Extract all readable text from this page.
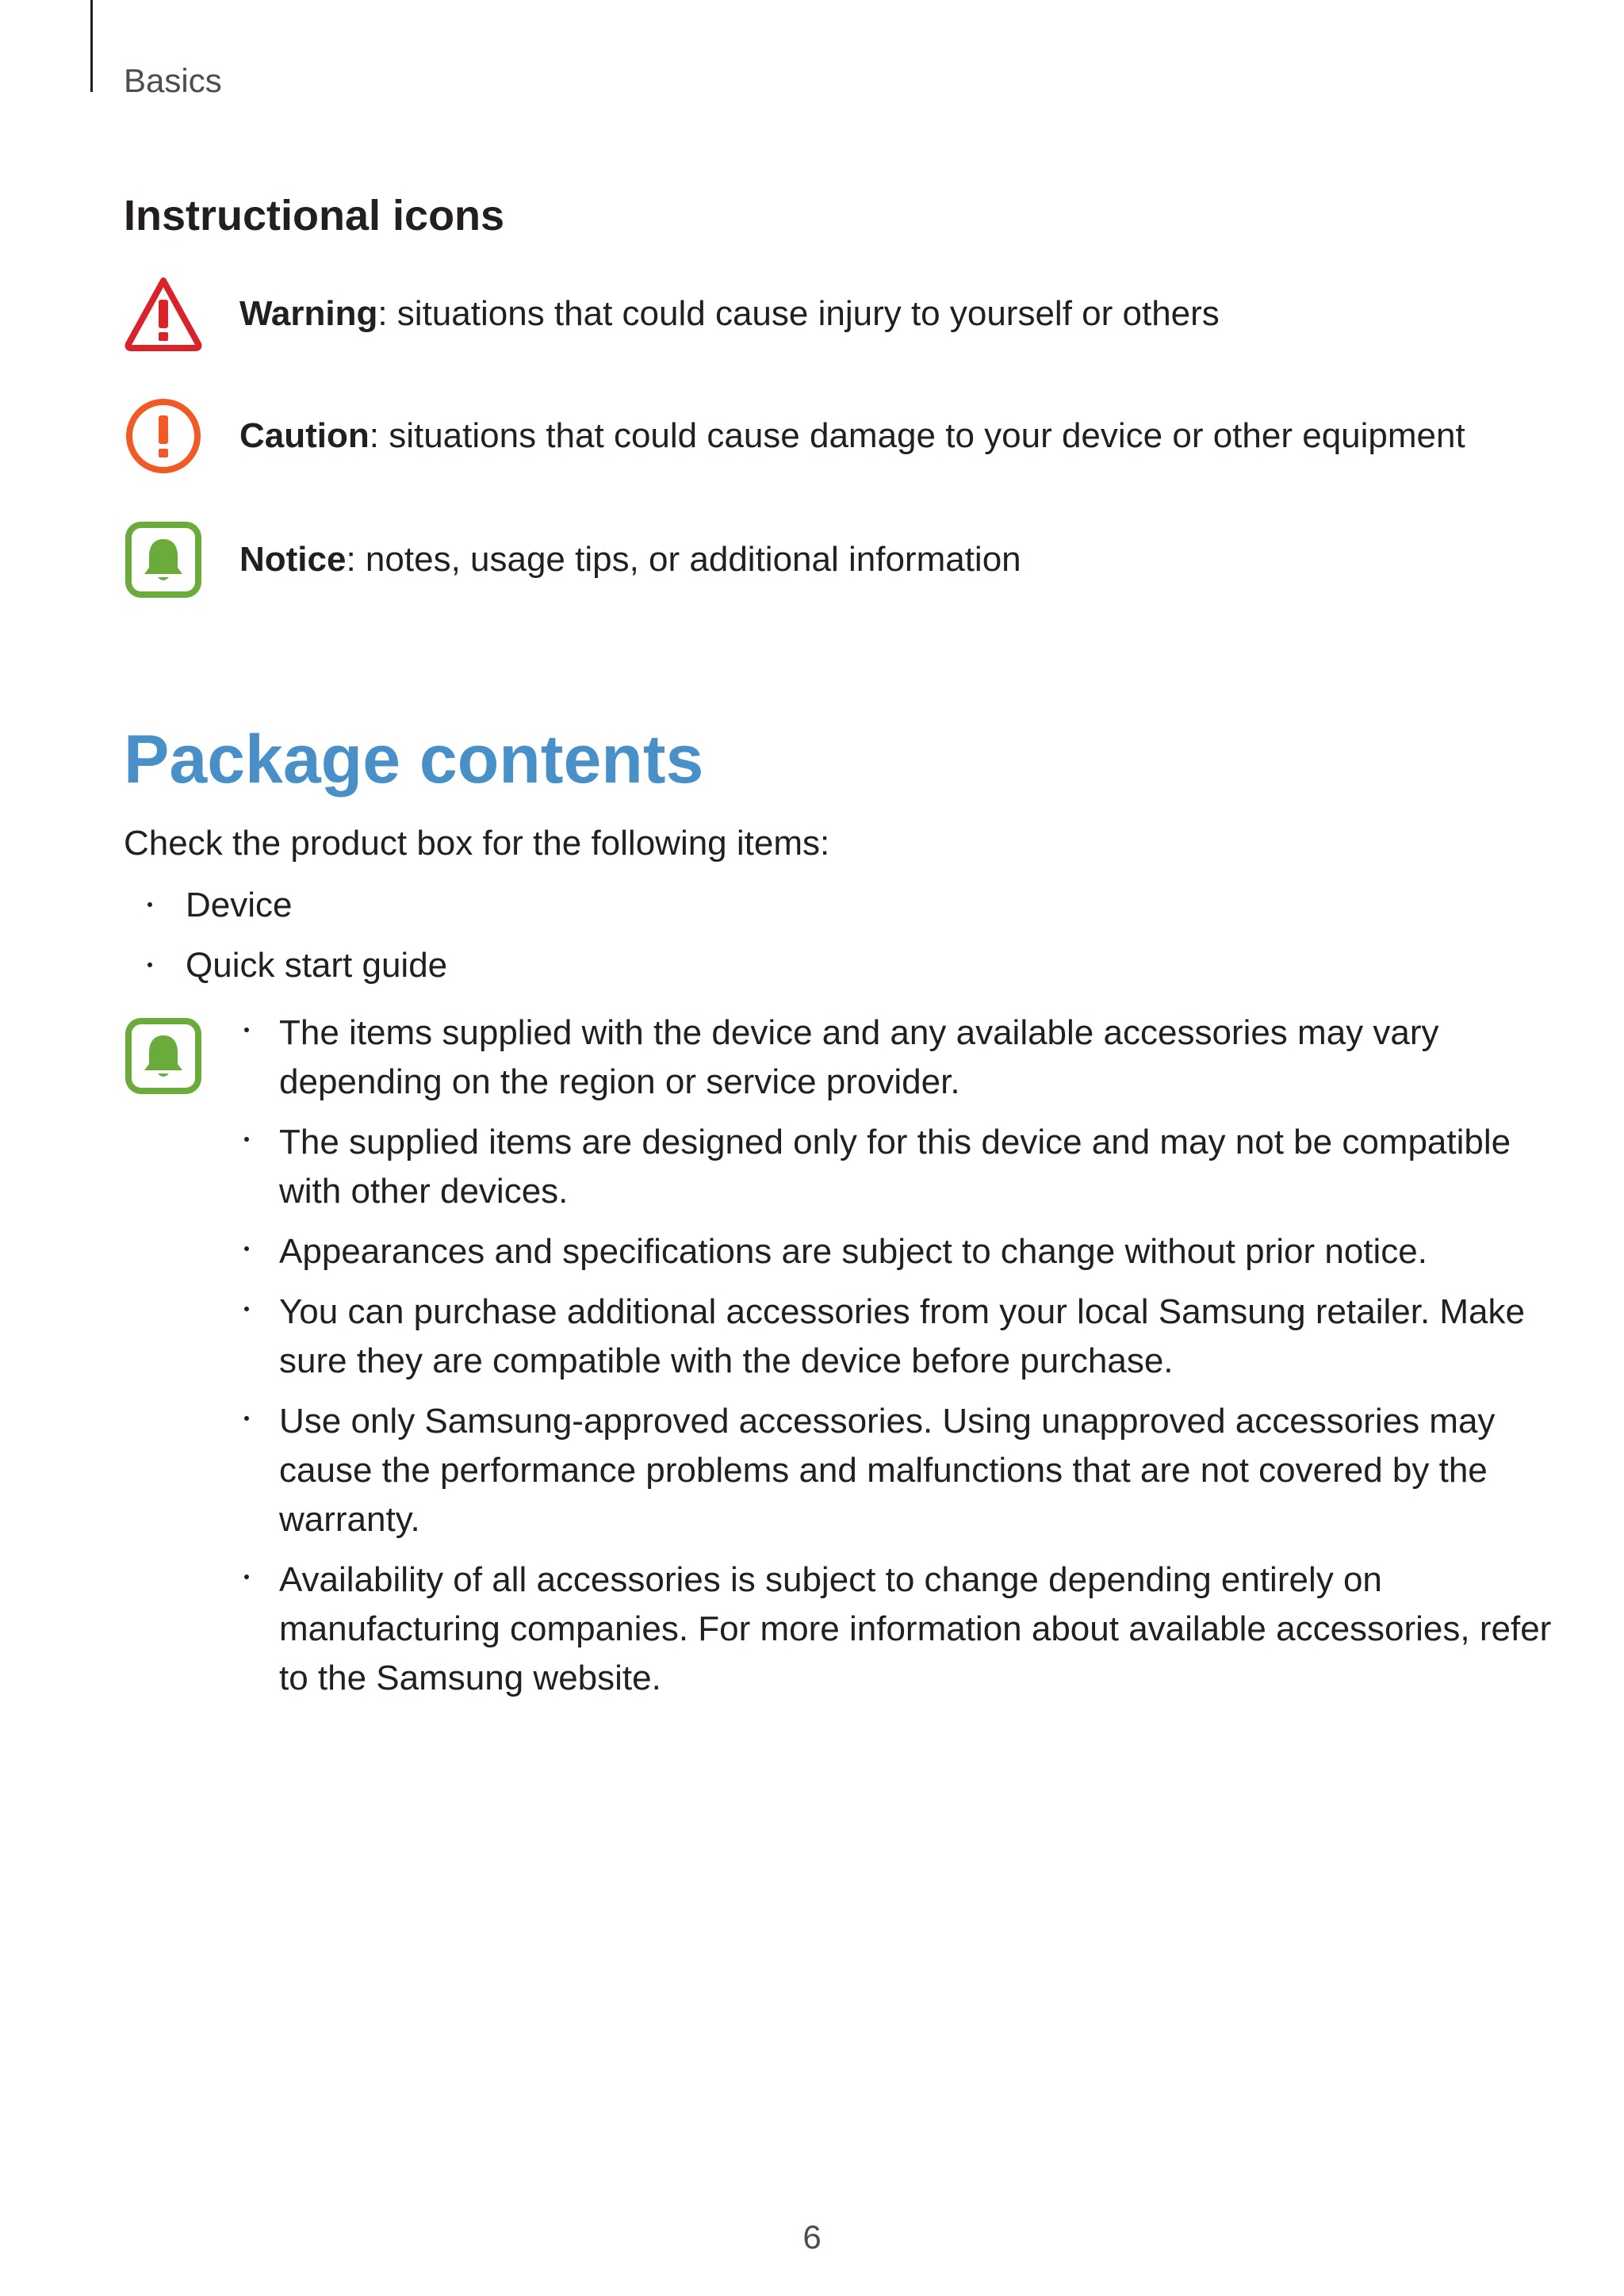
Basics
Instructional icons
Warning: situations that could cause injury to yourself or others
Caution: situations that could cause damage to your device or other equipment
Notice: notes, usage tips, or additional information
Package contents
Check the product box for the following items:
Device
Quick start guide
The items supplied with the device and any available accessories may vary depending on the region or service provider.
The supplied items are designed only for this device and may not be compatible with other devices.
Appearances and specifications are subject to change without prior notice.
You can purchase additional accessories from your local Samsung retailer. Make sure they are compatible with the device before purchase.
Use only Samsung-approved accessories. Using unapproved accessories may cause the performance problems and malfunctions that are not covered by the warranty.
Availability of all accessories is subject to change depending entirely on manufacturing companies. For more information about available accessories, refer to the Samsung website.
6
